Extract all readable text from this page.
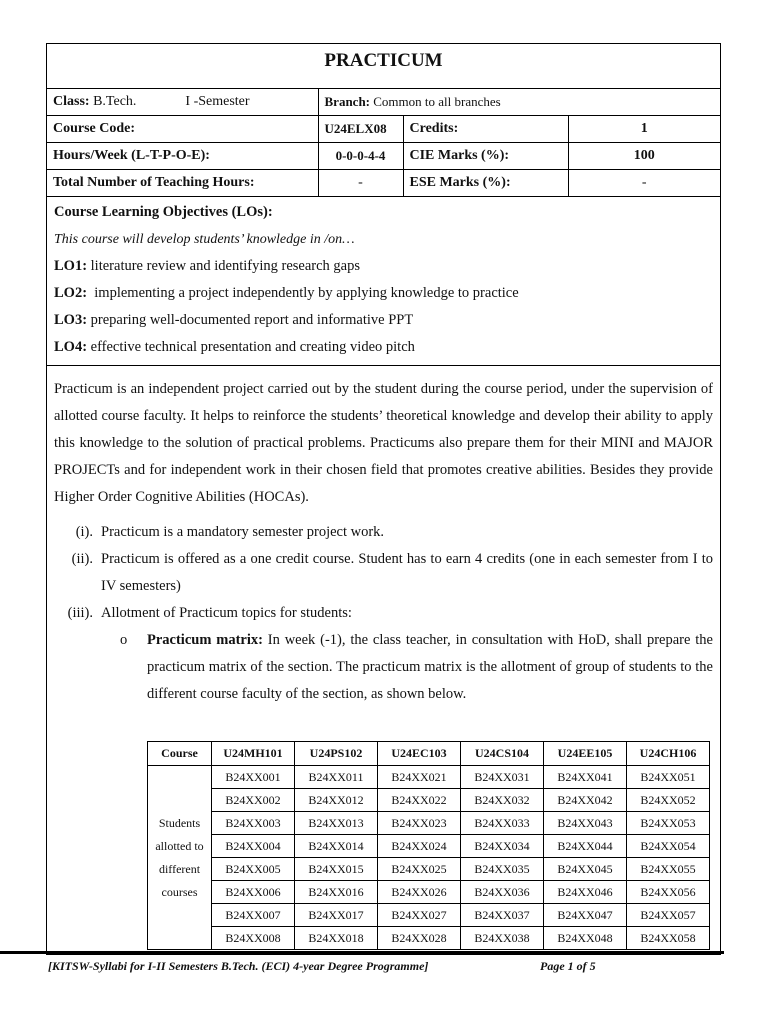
PRACTICUM
Class: B.Tech. I -Semester	Branch: Common to all branches		
Course Code:	U24ELX08	Credits:	1
Hours/Week (L-T-P-O-E):	0-0-0-4-4	CIE Marks (%):	100
Total Number of Teaching Hours:	-	ESE Marks (%):	-
Course Learning Objectives (LOs):
This course will develop students’ knowledge in /on…
LO1: literature review and identifying research gaps
LO2:  implementing a project independently by applying knowledge to practice
LO3: preparing well-documented report and informative PPT
LO4: effective technical presentation and creating video pitch
Practicum is an independent project carried out by the student during the course period, under the supervision of allotted course faculty. It helps to reinforce the students’ theoretical knowledge and develop their ability to apply this knowledge to the solution of practical problems. Practicums also prepare them for their MINI and MAJOR PROJECTs and for independent work in their chosen field that promotes creative abilities. Besides they provide Higher Order Cognitive Abilities (HOCAs).
(i). Practicum is a mandatory semester project work.
(ii). Practicum is offered as a one credit course. Student has to earn 4 credits (one in each semester from I to IV semesters)
(iii). Allotment of Practicum topics for students:
o	Practicum matrix: In week (-1), the class teacher, in consultation with HoD, shall prepare the practicum matrix of the section. The practicum matrix is the allotment of group of students to the different course faculty of the section, as shown below.
Course	U24MH101	U24PS102	U24EC103	U24CS104	U24EE105	U24CH106
Students allotted to different courses	B24XX001	B24XX011	B24XX021	B24XX031	B24XX041	B24XX051
	B24XX002	B24XX012	B24XX022	B24XX032	B24XX042	B24XX052
	B24XX003	B24XX013	B24XX023	B24XX033	B24XX043	B24XX053
	B24XX004	B24XX014	B24XX024	B24XX034	B24XX044	B24XX054
	B24XX005	B24XX015	B24XX025	B24XX035	B24XX045	B24XX055
	B24XX006	B24XX016	B24XX026	B24XX036	B24XX046	B24XX056
	B24XX007	B24XX017	B24XX027	B24XX037	B24XX047	B24XX057
	B24XX008	B24XX018	B24XX028	B24XX038	B24XX048	B24XX058
[KITSW-Syllabi for I-II Semesters B.Tech. (ECI) 4-year Degree Programme]	Page 1 of 5
